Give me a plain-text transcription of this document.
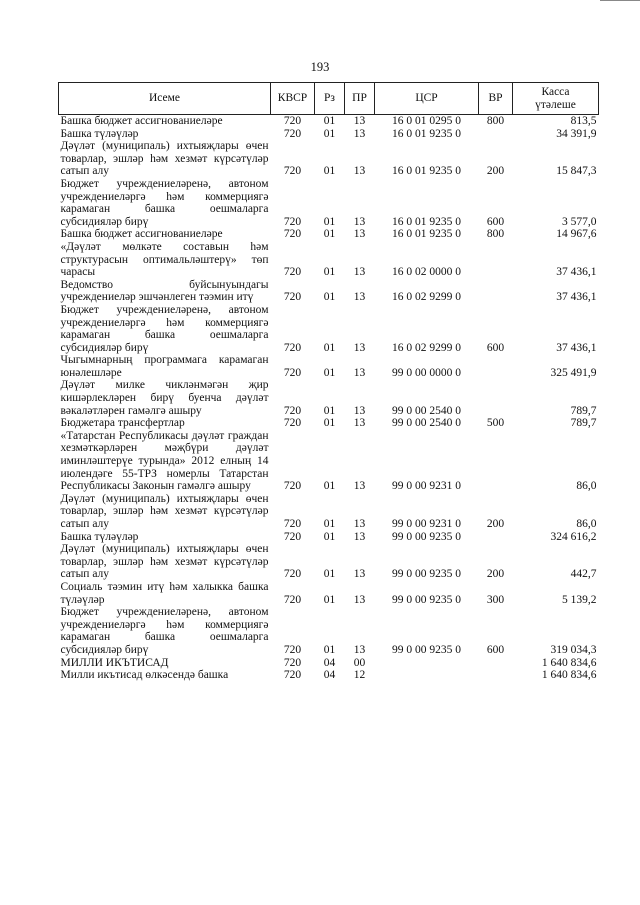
193
Исеме	КВСР	Рз	ПР	ЦСР	ВР	Касса
үтәлеше

Башка бюджет ассигнованиеләре	720	01	13	16 0 01 0295 0	800	813,5
Башка түләүләр	720	01	13	16 0 01 9235 0		34 391,9
Дәүләт (муниципаль) ихтыяҗлары өчен товарлар, эшләр һәм хезмәт күрсәтүләр сатып алу	720	01	13	16 0 01 9235 0	200	15 847,3
Бюджет учреждениеләренә, автоном учреждениеләргә һәм коммерциягә карамаган башка оешмаларга субсидияләр бирү	720	01	13	16 0 01 9235 0	600	3 577,0
Башка бюджет ассигнованиеләре	720	01	13	16 0 01 9235 0	800	14 967,6
«Дәүләт мөлкәте составын һәм структурасын оптимальләштерү» төп чарасы	720	01	13	16 0 02 0000 0		37 436,1
Ведомство буйсынуындагы учреждениеләр эшчәнлеген тәэмин итү	720	01	13	16 0 02 9299 0		37 436,1
Бюджет учреждениеләренә, автоном учреждениеләргә һәм коммерциягә карамаган башка оешмаларга субсидияләр бирү	720	01	13	16 0 02 9299 0	600	37 436,1
Чыгымнарның программага карамаган юнәлешләре	720	01	13	99 0 00 0000 0		325 491,9
Дәүләт милке чикләнмәгән җир кишәрлекләрен бирү буенча дәүләт вәкаләтләрен гамәлгә ашыру	720	01	13	99 0 00 2540 0		789,7
Бюджетара трансфертлар	720	01	13	99 0 00 2540 0	500	789,7
«Татарстан Республикасы дәүләт граждан хезмәткәрләрен мәҗбүри дәүләт иминләштерүе турында» 2012 елның 14 июлендәге 55-ТРЗ номерлы Татарстан Республикасы Законын гамәлгә ашыру	720	01	13	99 0 00 9231 0		86,0
Дәүләт (муниципаль) ихтыяҗлары өчен товарлар, эшләр һәм хезмәт күрсәтүләр сатып алу	720	01	13	99 0 00 9231 0	200	86,0
Башка түләүләр	720	01	13	99 0 00 9235 0		324 616,2
Дәүләт (муниципаль) ихтыяҗлары өчен товарлар, эшләр һәм хезмәт күрсәтүләр сатып алу	720	01	13	99 0 00 9235 0	200	442,7
Социаль тәэмин итү һәм халыкка башка түләүләр	720	01	13	99 0 00 9235 0	300	5 139,2
Бюджет учреждениеләренә, автоном учреждениеләргә һәм коммерциягә карамаган башка оешмаларга субсидияләр бирү	720	01	13	99 0 00 9235 0	600	319 034,3
МИЛЛИ ИКЪТИСАД	720	04	00			1 640 834,6
Милли икътисад өлкәсендә башка	720	04	12			1 640 834,6
